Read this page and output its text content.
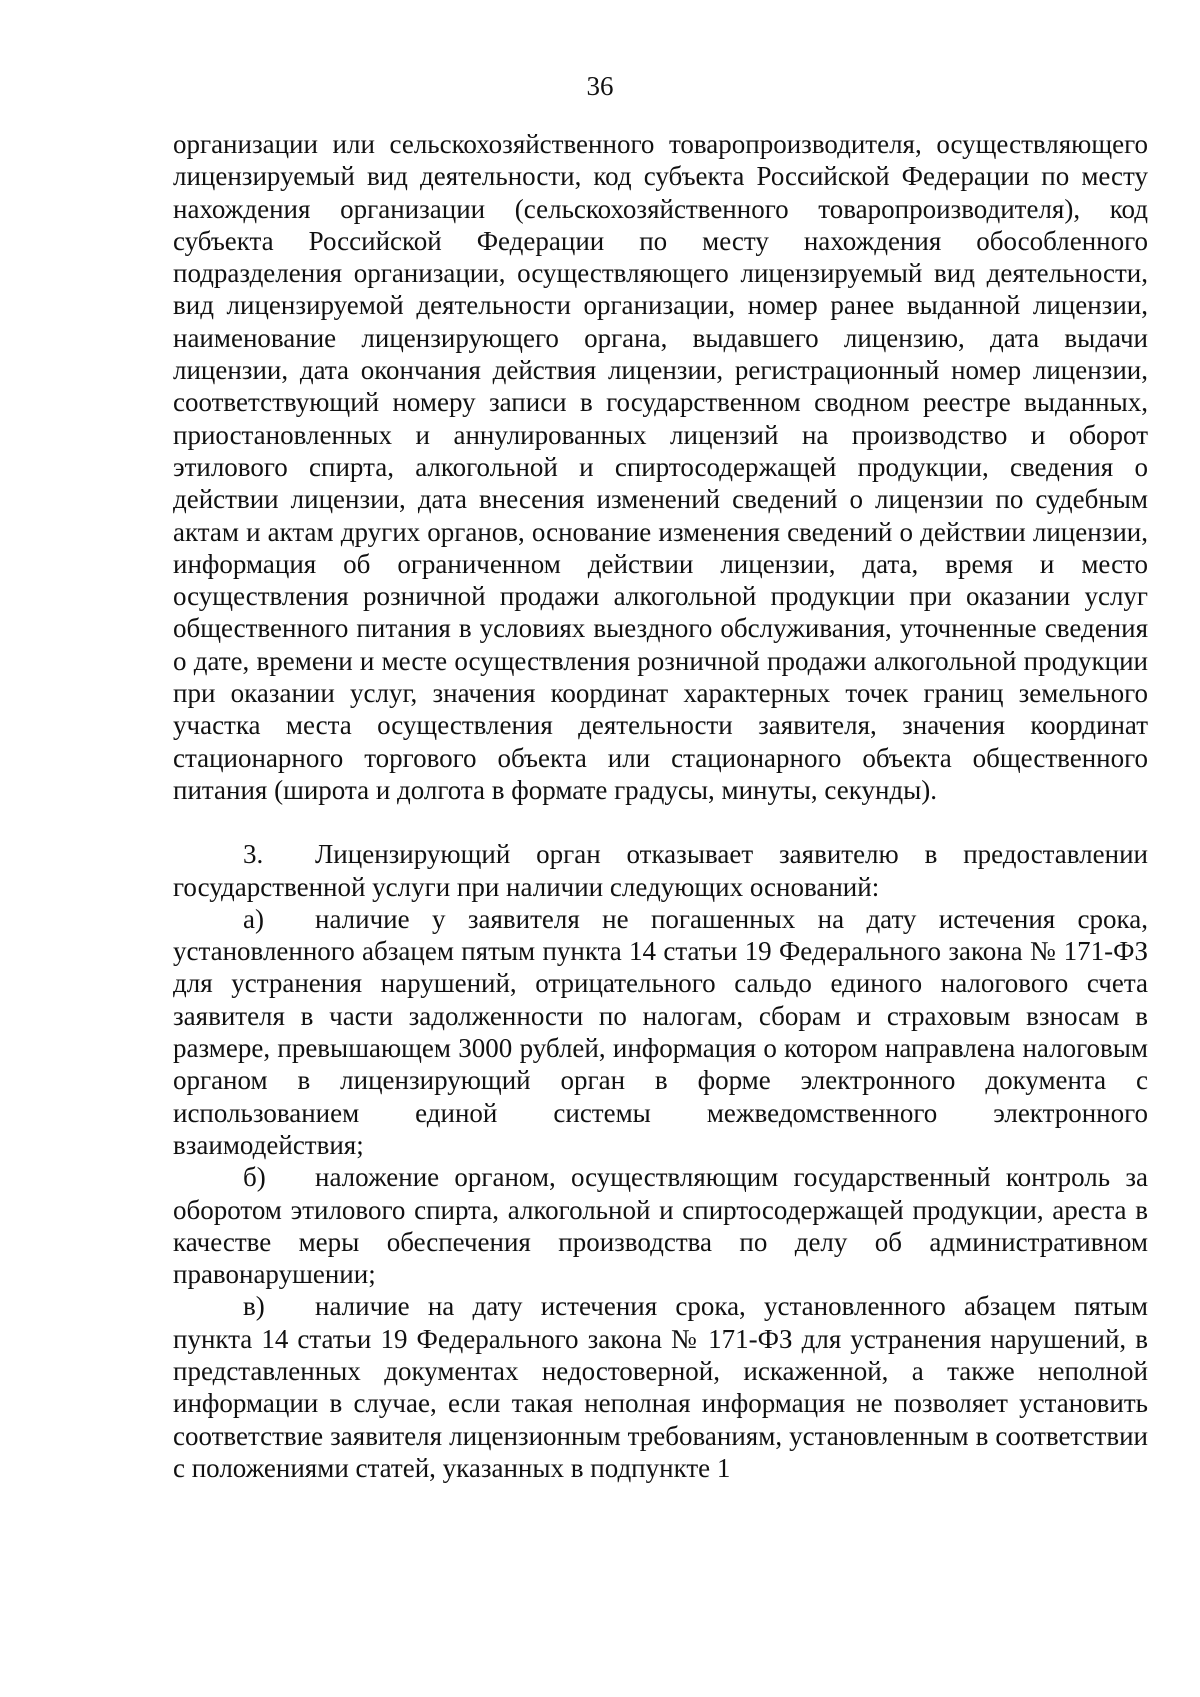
36

организации или сельскохозяйственного товаропроизводителя, осуществляющего лицензируемый вид деятельности, код субъекта Российской Федерации по месту нахождения организации (сельскохозяйственного товаропроизводителя), код субъекта Российской Федерации по месту нахождения обособленного подразделения организации, осуществляющего лицензируемый вид деятельности, вид лицензируемой деятельности организации, номер ранее выданной лицензии, наименование лицензирующего органа, выдавшего лицензию, дата выдачи лицензии, дата окончания действия лицензии, регистрационный номер лицензии, соответствующий номеру записи в государственном сводном реестре выданных, приостановленных и аннулированных лицензий на производство и оборот этилового спирта, алкогольной и спиртосодержащей продукции, сведения о действии лицензии, дата внесения изменений сведений о лицензии по судебным актам и актам других органов, основание изменения сведений о действии лицензии, информация об ограниченном действии лицензии, дата, время и место осуществления розничной продажи алкогольной продукции при оказании услуг общественного питания в условиях выездного обслуживания, уточненные сведения о дате, времени и месте осуществления розничной продажи алкогольной продукции при оказании услуг, значения координат характерных точек границ земельного участка места осуществления деятельности заявителя, значения координат стационарного торгового объекта или стационарного объекта общественного питания (широта и долгота в формате градусы, минуты, секунды).

3. Лицензирующий орган отказывает заявителю в предоставлении государственной услуги при наличии следующих оснований:

а) наличие у заявителя не погашенных на дату истечения срока, установленного абзацем пятым пункта 14 статьи 19 Федерального закона № 171-ФЗ для устранения нарушений, отрицательного сальдо единого налогового счета заявителя в части задолженности по налогам, сборам и страховым взносам в размере, превышающем 3000 рублей, информация о котором направлена налоговым органом в лицензирующий орган в форме электронного документа с использованием единой системы межведомственного электронного взаимодействия;

б) наложение органом, осуществляющим государственный контроль за оборотом этилового спирта, алкогольной и спиртосодержащей продукции, ареста в качестве меры обеспечения производства по делу об административном правонарушении;

в) наличие на дату истечения срока, установленного абзацем пятым пункта 14 статьи 19 Федерального закона № 171-ФЗ для устранения нарушений, в представленных документах недостоверной, искаженной, а также неполной информации в случае, если такая неполная информация не позволяет установить соответствие заявителя лицензионным требованиям, установленным в соответствии с положениями статей, указанных в подпункте 1
